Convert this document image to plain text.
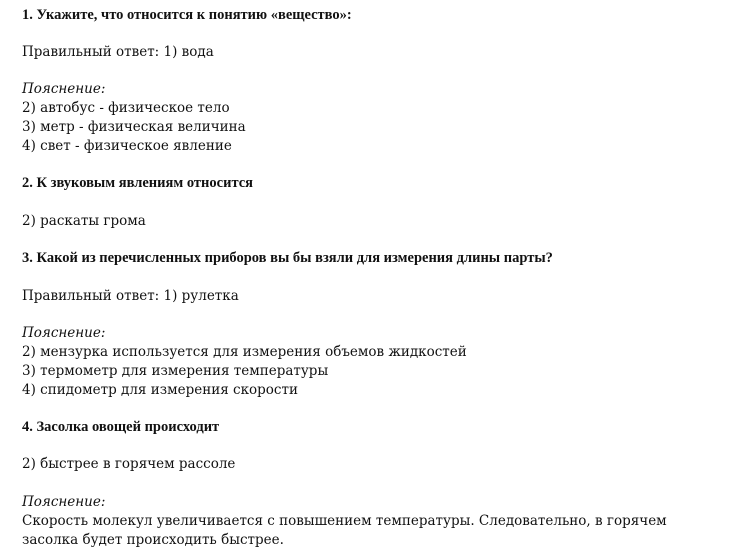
1. Укажите, что относится к понятию «вещество»:
Правильный ответ: 1) вода
Пояснение:
2) автобус - физическое тело
3) метр - физическая величина
4) свет - физическое явление
2. К звуковым явлениям относится
2) раскаты грома
3. Какой из перечисленных приборов вы бы взяли для измерения длины парты?
Правильный ответ: 1) рулетка
Пояснение:
2) мензурка используется для измерения объемов жидкостей
3) термометр для измерения температуры
4) спидометр для измерения скорости
4. Засолка овощей происходит
2) быстрее в горячем рассоле
Пояснение:
Скорость молекул увеличивается с повышением температуры. Следовательно, в горячем
засолка будет происходить быстрее.
